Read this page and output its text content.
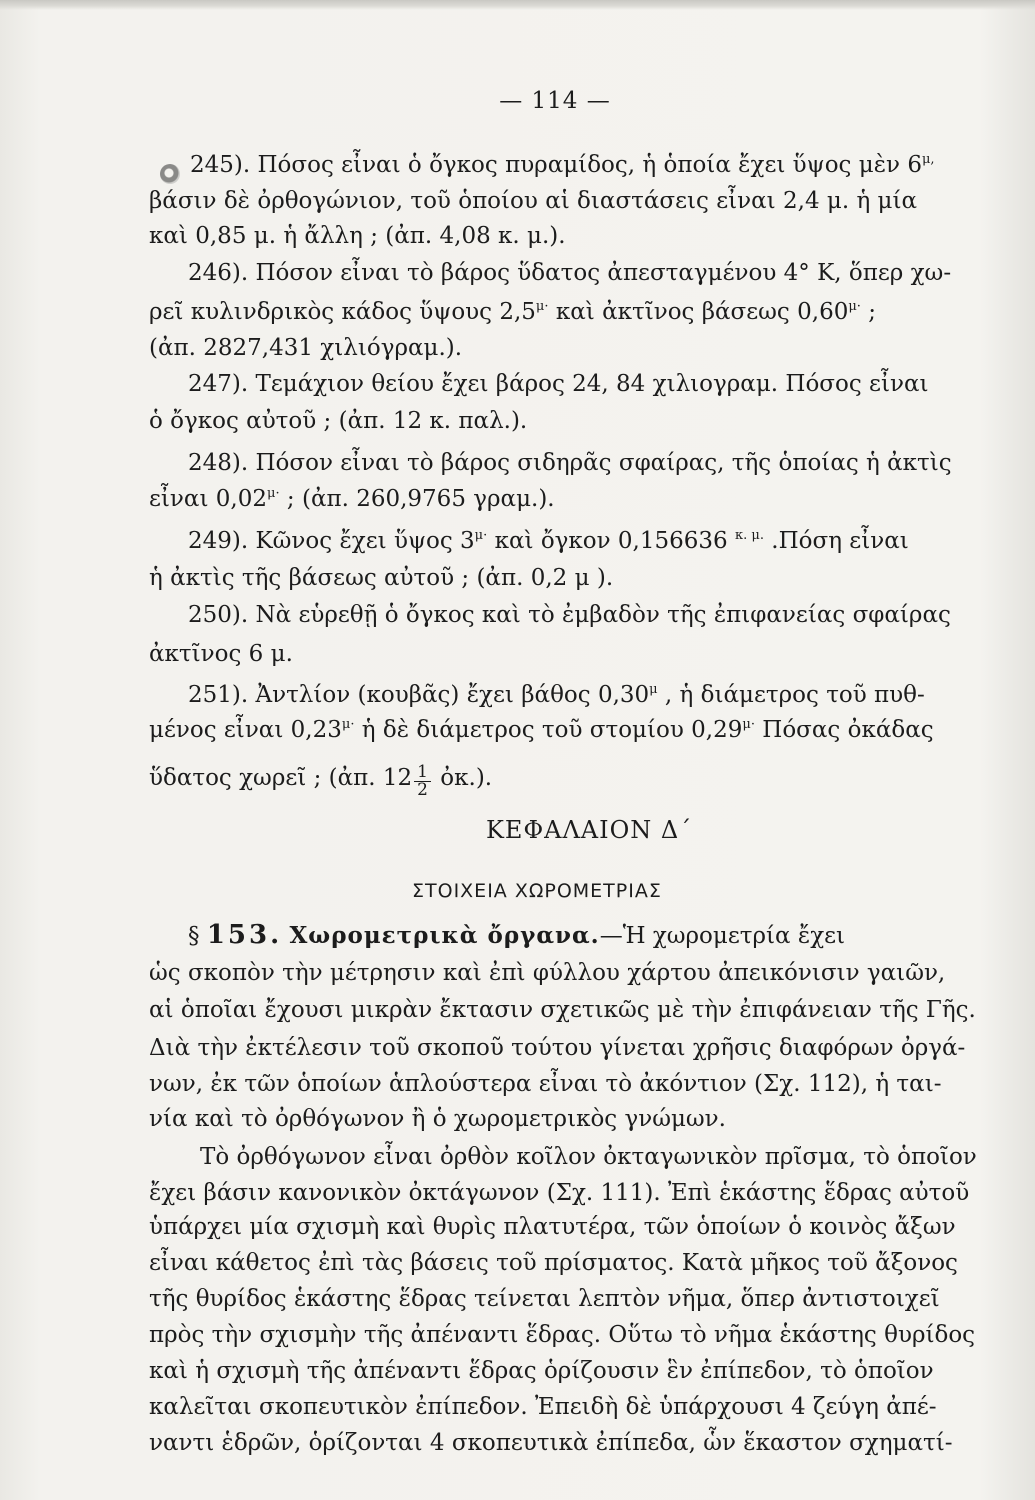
— 114 —
245). Πόσος εἶναι ὁ ὄγκος πυραμίδος, ἡ ὁποία ἔχει ὕψος μὲν $6^{\mu,}$
βάσιν δὲ ὀρθογώνιον, τοῦ ὁποίου αἱ διαστάσεις εἶναι 2,4 μ. ἡ μία
καὶ 0,85 μ. ἡ ἄλλη ; (ἀπ. 4,08 κ. μ.).
246). Πόσον εἶναι τὸ βάρος ὕδατος ἀπεσταγμένου 4° Κ, ὅπερ χω-
ρεῖ κυλινδρικὸς κάδος ὕψους $2,5^{\mu\cdot}$ καὶ ἀκτῖνος βάσεως $0,60^{\mu\cdot}$ ;
(ἀπ. 2827,431 χιλιόγραμ.).
247). Τεμάχιον θείου ἔχει βάρος 24, 84 χιλιογραμ. Πόσος εἶναι
ὁ ὄγκος αὐτοῦ ; (ἀπ. 12 κ. παλ.).
248). Πόσον εἶναι τὸ βάρος σιδηρᾶς σφαίρας, τῆς ὁποίας ἡ ἀκτὶς
εἶναι $0,02^{\mu\cdot}$ ; (ἀπ. 260,9765 γραμ.).
249). Κῶνος ἔχει ὕψος $3^{\mu\cdot}$ καὶ ὄγκον 0,156636 $^{\kappa. \mu.}$ .Πόση εἶναι
ἡ ἀκτὶς τῆς βάσεως αὐτοῦ ; (ἀπ. 0,2 μ ).
250). Νὰ εὑρεθῇ ὁ ὄγκος καὶ τὸ ἐμβαδὸν τῆς ἐπιφανείας σφαίρας
ἀκτῖνος 6 μ.
251). Ἀντλίον (κουβᾶς) ἔχει βάθος $0,30^\mu$ , ἡ διάμετρος τοῦ πυθ-
μένος εἶναι $0,23^{\mu\cdot}$ ἡ δὲ διάμετρος τοῦ στομίου $0,29^{\mu\cdot}$ Πόσας ὀκάδας
ὕδατος χωρεῖ ; (ἀπ. $12 \frac{1}{2}$ ὀκ.).
ΚΕΦΑΛΑΙΟΝ Δ΄
ΣΤΟΙΧΕΙΑ ΧΩΡΟΜΕΤΡΙΑΣ
§ 153. Χωρομετρικὰ ὄργανα.—Ἡ χωρομετρία ἔχει
ὡς σκοπὸν τὴν μέτρησιν καὶ ἐπὶ φύλλου χάρτου ἀπεικόνισιν γαιῶν,
αἱ ὁποῖαι ἔχουσι μικρὰν ἔκτασιν σχετικῶς μὲ τὴν ἐπιφάνειαν τῆς Γῆς.
Διὰ τὴν ἐκτέλεσιν τοῦ σκοποῦ τούτου γίνεται χρῆσις διαφόρων ὀργά-
νων, ἐκ τῶν ὁποίων ἁπλούστερα εἶναι τὸ ἀκόντιον (Σχ. 112), ἡ ται-
νία καὶ τὸ ὀρθόγωνον ἢ ὁ χωρομετρικὸς γνώμων.
Τὸ ὀρθόγωνον εἶναι ὀρθὸν κοῖλον ὀκταγωνικὸν πρῖσμα, τὸ ὁποῖον
ἔχει βάσιν κανονικὸν ὀκτάγωνον (Σχ. 111). Ἐπὶ ἑκάστης ἕδρας αὐτοῦ
ὑπάρχει μία σχισμὴ καὶ θυρὶς πλατυτέρα, τῶν ὁποίων ὁ κοινὸς ἄξων
εἶναι κάθετος ἐπὶ τὰς βάσεις τοῦ πρίσματος. Κατὰ μῆκος τοῦ ἄξονος
τῆς θυρίδος ἑκάστης ἕδρας τείνεται λεπτὸν νῆμα, ὅπερ ἀντιστοιχεῖ
πρὸς τὴν σχισμὴν τῆς ἀπέναντι ἕδρας. Οὕτω τὸ νῆμα ἑκάστης θυρίδος
καὶ ἡ σχισμὴ τῆς ἀπέναντι ἕδρας ὁρίζουσιν ἓν ἐπίπεδον, τὸ ὁποῖον
καλεῖται σκοπευτικὸν ἐπίπεδον. Ἐπειδὴ δὲ ὑπάρχουσι 4 ζεύγη ἀπέ-
ναντι ἑδρῶν, ὁρίζονται 4 σκοπευτικὰ ἐπίπεδα, ὧν ἕκαστον σχηματί-
